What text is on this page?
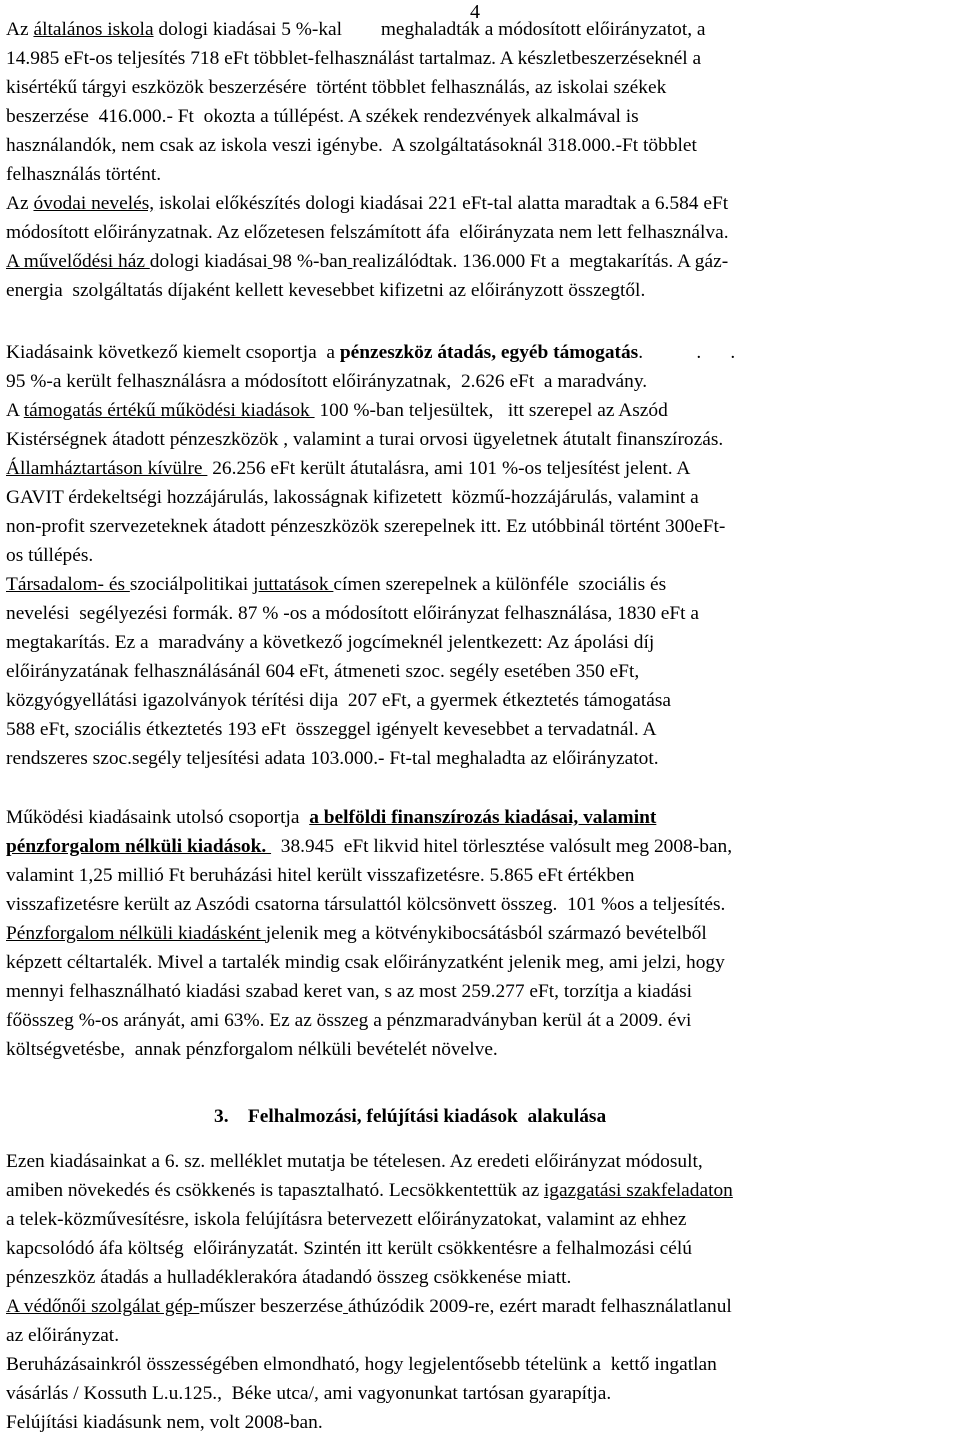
4
Az általános iskola dologi kiadásai 5 %-kal        meghaladták a módosított előirányzatot, a
14.985 eFt-os teljesítés 718 eFt többlet-felhasználást tartalmaz. A készletbeszerzéseknél a
kisértékű tárgyi eszközök beszerzésére  történt többlet felhasználás, az iskolai székek
beszerzése  416.000.- Ft  okozta a túllépést. A székek rendezvények alkalmával is
használandók, nem csak az iskola veszi igénybe.  A szolgáltatásoknál 318.000.-Ft többlet
felhasználás történt.
Az óvodai nevelés, iskolai előkészítés dologi kiadásai 221 eFt-tal alatta maradtak a 6.584 eFt
módosított előirányzatnak. Az előzetesen felszámított áfa  előirányzata nem lett felhasználva.
A művelődési ház dologi kiadásai 98 %-ban realizálódtak. 136.000 Ft a  megtakarítás. A gáz-
energia  szolgáltatás díjaként kellett kevesebbet kifizetni az előirányzott összegtől.
Kiadásaink következő kiemelt csoportja  a pénzeszköz átadás, egyéb támogatás.           .      .
95 %-a került felhasználásra a módosított előirányzatnak,  2.626 eFt  a maradvány.
A támogatás értékű működési kiadások  100 %-ban teljesültek,   itt szerepel az Aszód
Kistérségnek átadott pénzeszközök , valamint a turai orvosi ügyeletnek átutalt finanszírozás.
Államháztartáson kívülre  26.256 eFt került átutalásra, ami 101 %-os teljesítést jelent. A
GAVIT érdekeltségi hozzájárulás, lakosságnak kifizetett  közmű-hozzájárulás, valamint a
non-profit szervezeteknek átadott pénzeszközök szerepelnek itt. Ez utóbbinál történt 300eFt-
os túllépés.
Társadalom- és szociálpolitikai juttatások címen szerepelnek a különféle  szociális és
nevelési  segélyezési formák. 87 % -os a módosított előirányzat felhasználása, 1830 eFt a
megtakarítás. Ez a  maradvány a következő jogcímeknél jelentkezett: Az ápolási díj
előirányzatának felhasználásánál 604 eFt, átmeneti szoc. segély esetében 350 eFt,
közgyógyellátási igazolványok térítési dija  207 eFt, a gyermek étkeztetés támogatása
588 eFt, szociális étkeztetés 193 eFt  összeggel igényelt kevesebbet a tervadatnál. A
rendszeres szoc.segély teljesítési adata 103.000.- Ft-tal meghaladta az előirányzatot.
Működési kiadásaink utolsó csoportja  a belföldi finanszírozás kiadásai, valamint
pénzforgalom nélküli kiadások.   38.945  eFt likvid hitel törlesztése valósult meg 2008-ban,
valamint 1,25 millió Ft beruházási hitel került visszafizetésre. 5.865 eFt értékben
visszafizetésre került az Aszódi csatorna társulattól kölcsönvett összeg.  101 %os a teljesítés.
Pénzforgalom nélküli kiadásként jelenik meg a kötvénykibocsátásból származó bevételből
képzett céltartalék. Mivel a tartalék mindig csak előirányzatként jelenik meg, ami jelzi, hogy
mennyi felhasználható kiadási szabad keret van, s az most 259.277 eFt, torzítja a kiadási
főösszeg %-os arányát, ami 63%. Ez az összeg a pénzmaradványban kerül át a 2009. évi
költségvetésbe,  annak pénzforgalom nélküli bevételét növelve.
Ezen kiadásainkat a 6. sz. melléklet mutatja be tételesen. Az eredeti előirányzat módosult,
amiben növekedés és csökkenés is tapasztalható. Lecsökkentettük az igazgatási szakfeladaton
a telek-közművesítésre, iskola felújításra betervezett előirányzatokat, valamint az ehhez
kapcsolódó áfa költség  előirányzatát. Szintén itt került csökkentésre a felhalmozási célú
pénzeszköz átadás a hulladéklerakóra átadandó összeg csökkenése miatt.
A védőnői szolgálat gép-műszer beszerzése áthúzódik 2009-re, ezért maradt felhasználatlanul
az előirányzat.
Beruházásainkról összességében elmondható, hogy legjelentősebb tételünk a  kettő ingatlan
vásárlás / Kossuth L.u.125.,  Béke utca/, ami vagyonunkat tartósan gyarapítja.
Felújítási kiadásunk nem, volt 2008-ban.
3.    Felhalmozási, felújítási kiadások  alakulása
